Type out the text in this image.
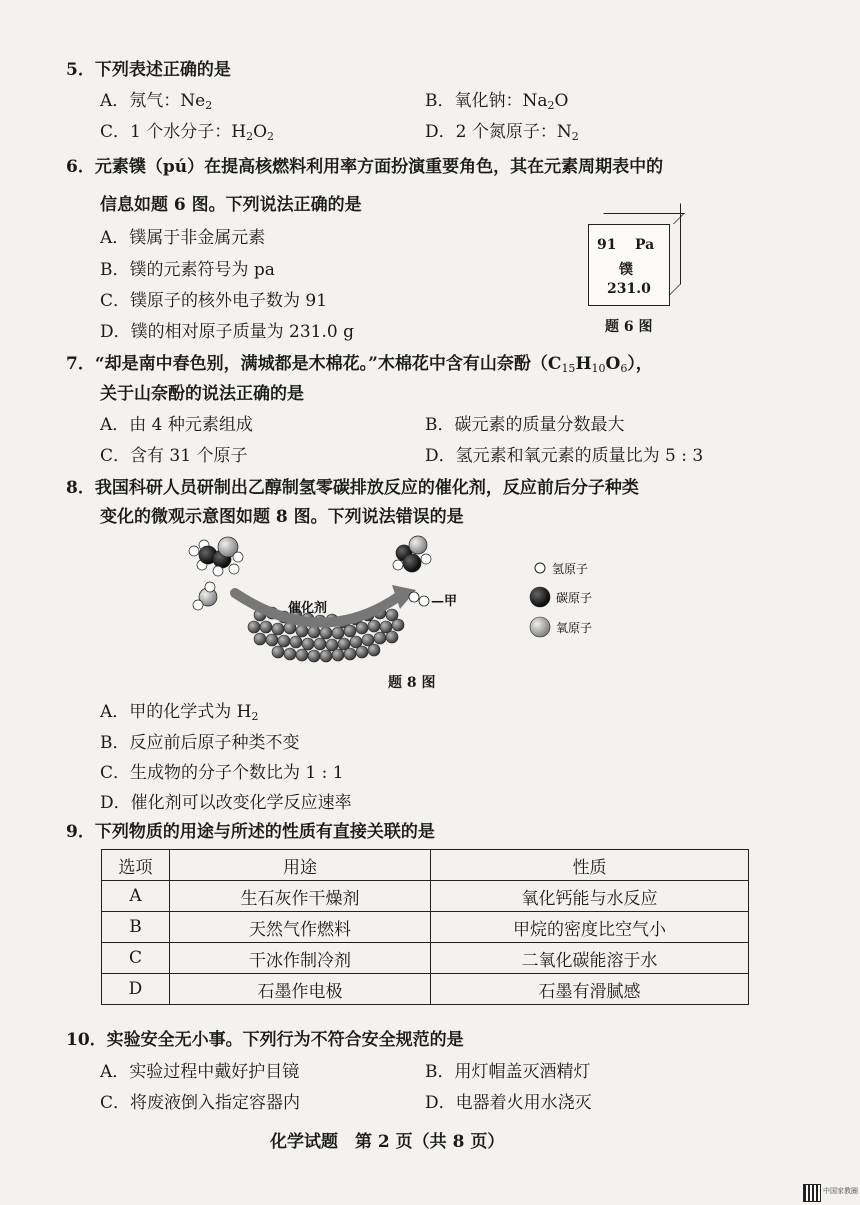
5．下列表述正确的是
A．氖气：$Ne_2$	B．氧化钠：$Na_2O$
C．1 个水分子：$H_2O_2$	D．2 个氮原子：$N_2$
6．元素镤（pú）在提高核燃料利用率方面扮演重要角色，其在元素周期表中的
信息如题 6 图。下列说法正确的是
A．镤属于非金属元素
B．镤的元素符号为 pa
C．镤原子的核外电子数为 91
D．镤的相对原子质量为 231.0 g
91 Pa
镤
231.0
题 6 图
7．“却是南中春色别，满城都是木棉花。”木棉花中含有山奈酚$(C_{15}H_{10}O_6)$，
关于山奈酚的说法正确的是
A．由 4 种元素组成	B．碳元素的质量分数最大
C．含有 31 个原子	D．氢元素和氧元素的质量比为 5 : 3
8．我国科研人员研制出乙醇制氢零碳排放反应的催化剂，反应前后分子种类
变化的微观示意图如题 8 图。下列说法错误的是
催化剂	—甲
氢原子
碳原子
氧原子
题 8 图
A．甲的化学式为 $H_2$
B．反应前后原子种类不变
C．生成物的分子个数比为 1 : 1
D．催化剂可以改变化学反应速率
9．下列物质的用途与所述的性质有直接关联的是
选项	用途	性质
A	生石灰作干燥剂	氧化钙能与水反应
B	天然气作燃料	甲烷的密度比空气小
C	干冰作制冷剂	二氧化碳能溶于水
D	石墨作电极	石墨有滑腻感
10．实验安全无小事。下列行为不符合安全规范的是
A．实验过程中戴好护目镜	B．用灯帽盖灭酒精灯
C．将废液倒入指定容器内	D．电器着火用水浇灭
化学试题　第 2 页（共 8 页）
中国家教圈
